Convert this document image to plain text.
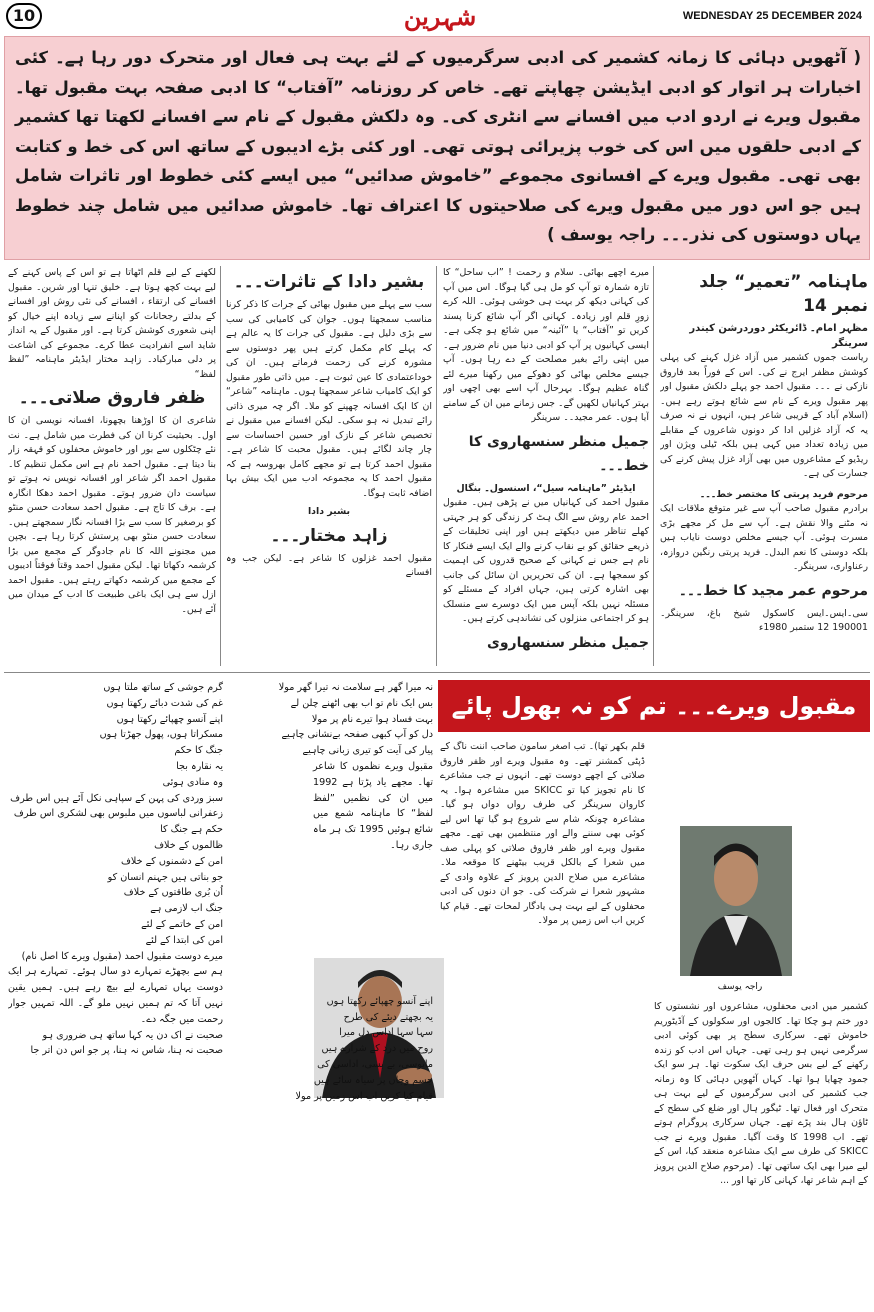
10	شہرین	WEDNESDAY 25 DECEMBER 2024
( آٹھویں دہائی کا زمانہ کشمیر کی ادبی سرگرمیوں کے لئے بہت ہی فعال اور متحرک دور رہا ہے۔ کئی اخبارات ہر اتوار کو ادبی ایڈیشن چھاپتے تھے۔ خاص کر روزنامہ ”آفتاب“ کا ادبی صفحہ بہت مقبول تھا۔ مقبول ویرے نے اردو ادب میں افسانے سے انٹری کی۔ وہ دلکش مقبول کے نام سے افسانے لکھتا تھا کشمیر کے ادبی حلقوں میں اس کی خوب پزیرائی ہوتی تھی۔ اور کئی بڑے ادیبوں کے ساتھ اس کی خط و کتابت بھی تھی۔ مقبول ویرے کے افسانوی مجموعے ”خاموش صدائیں“ میں ایسے کئی خطوط اور تاثرات شامل ہیں جو اس دور میں مقبول ویرے کی صلاحیتوں کا اعتراف تھا۔ خاموش صدائیں میں شامل چند خطوط یہاں دوستوں کی نذر۔۔۔ راجہ یوسف )
ماہنامہ ”تعمیر“ جلد نمبر 14
مظہر امام۔ ڈائریکٹر دوردرشن کیندر سرینگر
ریاست جموں کشمیر میں آزاد غزل کہنے کی پہلی کوشش مظفر ایرج نے کی۔ اس کے فوراً بعد فاروق نازکی نے ۔۔۔ مقبول احمد جو پہلے دلکش مقبول اور پھر مقبول ویرے کے نام سے شائع ہوتے رہے ہیں۔ (اسلام آباد کے قریبی شاعر ہیں، انہوں نے نہ صرف یہ کہ آزاد غزلیں ادا کر دونوں شاعروں کے مقابلے میں زیادہ تعداد میں کہی ہیں بلکہ ٹیلی ویژن اور ریڈیو کے مشاعروں میں بھی آزاد غزل پیش کرنے کی جسارت کی ہے۔
مرحوم فرید پربتی کا مختصر خط۔۔۔
برادرم مقبول صاحب آپ سے غیر متوقع ملاقات ایک نہ مٹنے والا نقش ہے۔ آپ سے مل کر مجھے بڑی مسرت ہوئی۔ آپ جیسے مخلص دوست نایاب ہیں بلکہ دوستی کا نعم البدل۔ فرید پربتی رنگین دروازہ، رعناواری، سرینگر۔
مرحوم عمر مجید کا خط۔۔۔
سی۔ایس۔ایس کاسکول شیخ باغ، سرینگر۔ 190001 12 ستمبر 1980ء
میرے اچھے بھائی۔ سلام و رحمت ! ”اب ساحل“ کا تازہ شمارہ تو آپ کو مل ہی گیا ہوگا۔ اس میں آپ کی کہانی دیکھ کر بہت ہی خوشی ہوئی۔ اللہ کرے زورِ قلم اور زیادہ۔ کہانی اگر آپ شائع کرنا پسند کریں تو ”آفتاب“ یا ”آئینہ“ میں شائع ہو چکی ہے۔ ایسی کہانیوں پر آپ کو ادبی دنیا میں نام ضرور ہے۔ میں اپنی رائے بغیر مصلحت کے دے رہا ہوں۔ آپ جیسے مخلص بھائی کو دھوکے میں رکھنا میرے لئے گناہ عظیم ہوگا۔ بہرحال آپ اسے بھی اچھی اور بہتر کہانیاں لکھیں گے۔ جس زمانے میں ان کے سامنے آیا ہوں۔ عمر مجید۔۔ سرینگر
جمیل منظر سنسھاروی کا خط۔۔۔
ایڈیٹر ”ماہنامہ سیل“، اسنسول۔ بنگال
مقبول احمد کی کہانیاں میں نے پڑھی ہیں۔ مقبول احمد عام روش سے الگ ہٹ کر زندگی کو ہر جہتی کھلے تناظر میں دیکھتے ہیں اور اپنی تخلیقات کے ذریعے حقائق کو بے نقاب کرنے والے ایک ایسے فنکار کا نام ہے جس نے کہانی کے صحیح قدروں کی اہمیت کو سمجھا ہے۔ ان کی تحریریں ان سائل کی جانب بھی اشارہ کرتی ہیں، جہاں افراد کے مسئلے کو مسئلہ نہیں بلکہ آپس میں ایک دوسرے سے منسلک ہو کر اجتماعی منزلوں کی نشاندہی کرتے ہیں۔
جمیل منظر سنسھاروی
بشیر دادا کے تاثرات۔۔۔
سب سے پہلے میں مقبول بھائی کے جرات کا ذکر کرنا مناسب سمجھتا ہوں۔ جوان کی کامیابی کی سب سے بڑی دلیل ہے۔ مقبول کی جرات کا یہ عالم ہے کہ پہلے کام مکمل کرتے ہیں پھر دوستوں سے مشورہ کرنے کی زحمت فرماتے ہیں۔ ان کی خوداعتمادی کا عین ثبوت ہے۔ میں ذاتی طور مقبول کو ایک کامیاب شاعر سمجھتا ہوں۔ ماہنامہ ”شاعر“ ان کا ایک افسانہ چھپنے کو ملا۔ اگر چہ میری ذاتی رائے تبدیل نہ ہو سکی۔ لیکن افسانے میں مقبول نے تخصیص شاعر کے نازک اور حسین احساسات سے چار چاند لگائے ہیں۔ مقبول محبت کا شاعر ہے۔ مقبول احمد کرتا ہے تو مجھے کامل بھروسہ ہے کہ مقبول احمد کا یہ مجموعہ ادب میں ایک بیش بہا اضافہ ثابت ہوگا۔
بشیر دادا
زاہد مختار۔۔۔
مقبول احمد غزلوں کا شاعر ہے۔ لیکن جب وہ افسانے
لکھنے کے لیے قلم اٹھاتا ہے تو اس کے پاس کہنے کے لیے بہت کچھ ہوتا ہے۔ خلیق تنہا اور شرین۔ مقبول افسانے کی ارتقاء ، افسانے کی نئی روش اور افسانے کے بدلتے رجحانات کو اپنانے سے زیادہ اپنے خیال کو اپنی شعوری کوشش کرتا ہے۔ اور مقبول کے یہ انداز شاید اسے انفرادیت عطا کرے۔ مجموعے کی اشاعت پر دلی مبارکباد۔ زاہد مختار ایڈیٹر ماہنامہ ”لفظ لفظ“
ظفر فاروق صلاتی۔۔۔
شاعری ان کا اوڑھنا بچھونا، افسانہ نویسی ان کا اول۔ بحیثیت کرنا ان کی فطرت میں شامل ہے۔ نت نئے چٹکلوں سے بور اور خاموش محفلوں کو قہقہ زار بنا دیتا ہے۔ مقبول احمد نام ہے اس مکمل تنظیم کا۔ مقبول احمد اگر شاعر اور افسانہ نویس نہ ہوتے تو سیاست دان ضرور ہوتے۔ مقبول احمد دھکا انگارہ ہے۔ برف کا تاج ہے۔ مقبول احمد سعادت حسن منٹو کو برصغیر کا سب سے بڑا افسانہ نگار سمجھتے ہیں۔ سعادت حسن منٹو بھی پرستش کرتا رہا ہے۔ بچپن میں مجنونے اللہ کا نام جادوگر کے مجمع میں بڑا کرشمہ دکھاتا تھا۔ لیکن مقبول احمد وقتاً فوقتاً ادیبوں کے مجمع میں کرشمہ دکھاتے رہتے ہیں۔ مقبول احمد ازل سے ہی ایک باغی طبیعت کا ادب کے میدان میں آئے ہیں۔
مقبول ویرے۔۔۔ تم کو نہ بھول پائے ہم
راجہ یوسف
کشمیر میں ادبی محفلوں، مشاعروں اور نشستوں کا دور ختم ہو چکا تھا۔ کالجوں اور سکولوں کے آڈیٹوریم خاموش تھے۔ سرکاری سطح پر بھی کوئی ادبی سرگرمی نہیں ہو رہی تھی۔ جہاں اس ادب کو زندہ رکھنے کے لیے بس حرف ایک سکوت تھا۔ ہر سو ایک جمود چھایا ہوا تھا۔ کہاں آٹھویں دہائی کا وہ زمانہ جب کشمیر کی ادبی سرگرمیوں کے لیے بہت ہی متحرک اور فعال تھا۔ ٹیگور ہال اور ضلع کی سطح کے ٹاؤن ہال بند پڑے تھے۔ جہاں سرکاری پروگرام ہوتے تھے۔ اب 1998 کا وقت آگیا۔ مقبول ویرے نے جب SKICC کی طرف سے ایک مشاعرہ منعقد کیا، اس کے لیے میرا بھی ایک ساتھی تھا۔ (مرحوم صلاح الدین پرویز کے اہم شاعر تھا، کہانی کار تھا اور ...
قلم بکھر تھا)۔ تب اصغر سامون صاحب اننت ناگ کے ڈپٹی کمشنر تھے۔ وہ مقبول ویرے اور ظفر فاروق صلاتی کے اچھے دوست تھے۔ انہوں نے جب مشاعرے کا نام تجویز کیا تو SKICC میں مشاعرہ ہوا۔ یہ کاروان سرینگر کی طرف رواں دواں ہو گیا۔ مشاعرہ چونکہ شام سے شروع ہو گیا تھا اس لیے کوئی بھی سننے والے اور منتظمین بھی تھے۔ مجھے مقبول ویرے اور ظفر فاروق صلاتی کو پہلی صف میں شعرا کے بالکل قریب بیٹھنے کا موقعہ ملا۔ مشاعرے میں صلاح الدین پرویز کے علاوہ وادی کے مشہور شعرا نے شرکت کی۔ جو ان دنوں کی ادبی محفلوں کے لیے بہت ہی یادگار لمحات تھے۔ قیام کیا کریں اب اس زمیں پر مولا۔
نہ میرا گھر ہے سلامت نہ تیرا گھر مولا
بس ایک نام تو اب بھی اٹھنے چلن لے
بہت فساد ہوا تیرے نام پر مولا
دل کو آپ کبھی صفحہ بےنشانی چاہیے
پیار کی آیت کو تیری زبانی چاہیے
مقبول ویرے نظموں کا شاعر تھا۔ مجھے یاد پڑتا ہے 1992 میں ان کی نظمیں ”لفظ لفظ“ کا ماہنامہ شمع میں شائع ہوئیں 1995 تک ہر ماہ جاری رہا۔
اپنے آنسو چھپائے رکھتا ہوں
یہ بچھتے دیئے کی طرح
سہا سہا اداس دل میرا
روح میں درد کے شرارے ہیں
مایوسی، بے بسی، اداسی کی
جسم وجاں پر سیاہ سائے ہیں
قیام کیا کریں اب اس زمیں پر مولا
گرم جوشی کے ساتھ ملتا ہوں
غم کی شدت دبائے رکھتا ہوں
اپنے آنسو چھپائے رکھتا ہوں
مسکراتا ہوں، پھول جھڑتا ہوں
جنگ کا حکم
یہ نقارہ بجا
وہ منادی ہوئی
سبز وردی کی پہن کے سپاہی نکل آئے ہیں اس طرف
زعفرانی لباسوں میں ملبوس بھی لشکری اس طرف
حکم ہے جنگ کا
ظالموں کے خلاف
امن کے دشمنوں کے خلاف
جو بناتی ہیں جہنم انسان کو
اُن بُری طاقتوں کے خلاف
جنگ اب لازمی ہے
امن کے خاتمے کے لئے
امن کی ابتدا کے لئے
میرے دوست مقبول احمد (مقبول ویرے کا اصل نام)
ہم سے بچھڑے تمہارے دو سال ہوئے۔ تمہارے ہر ایک دوست یہاں تمہارے لیے بیچ رہے ہیں۔ ہمیں یقین نہیں آتا کہ تم ہمیں نہیں ملو گے۔ اللہ تمہیں جوار رحمت میں جگہ دے۔
صحبت نے اک دن یہ کہا ساتھ ہی ضروری ہو
صحبت نہ ہنا، شاس نہ ہنا، پر جو اس دن اتر جا
